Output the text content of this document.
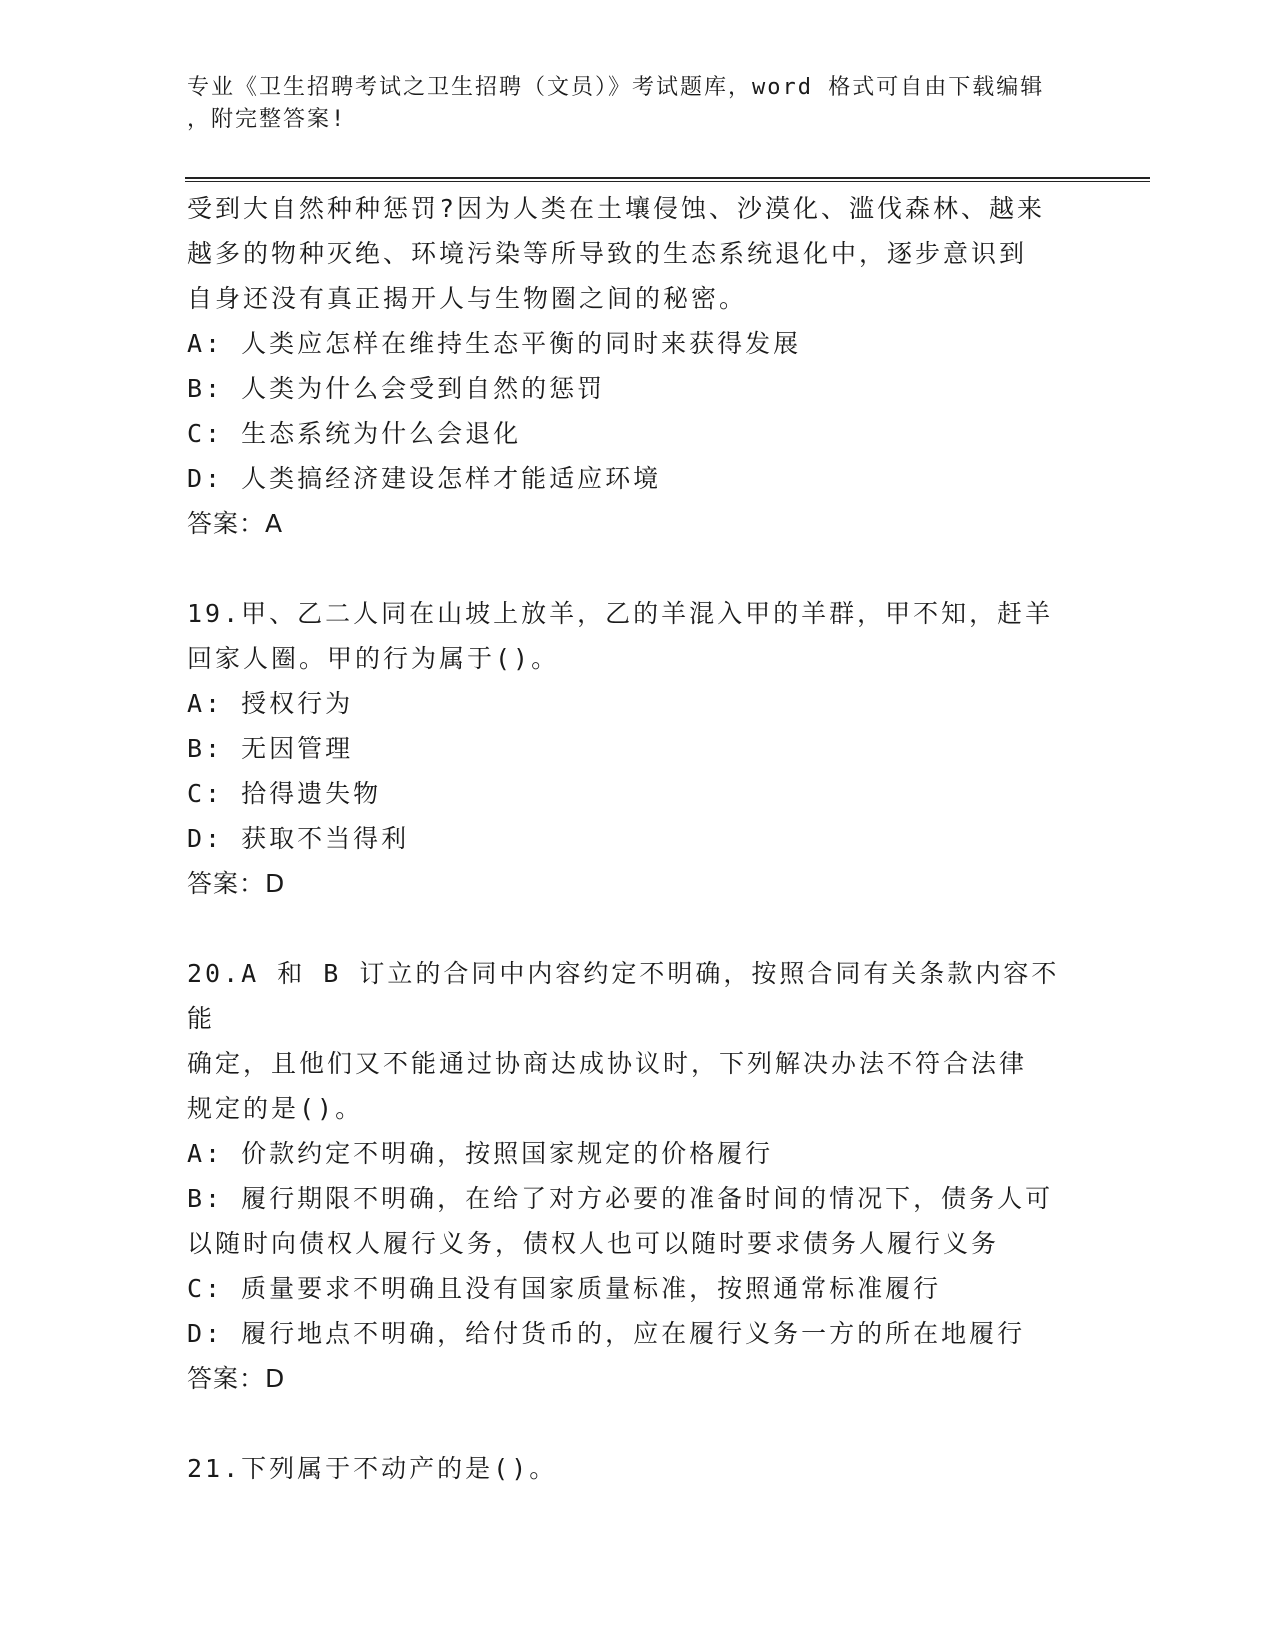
专业《卫生招聘考试之卫生招聘（文员）》考试题库，word 格式可自由下载编辑
，附完整答案!

受到大自然种种惩罚?因为人类在土壤侵蚀、沙漠化、滥伐森林、越来

越多的物种灭绝、环境污染等所导致的生态系统退化中，逐步意识到

自身还没有真正揭开人与生物圈之间的秘密。

A: 人类应怎样在维持生态平衡的同时来获得发展

B: 人类为什么会受到自然的惩罚

C: 生态系统为什么会退化

D: 人类搞经济建设怎样才能适应环境

答案：A

19.甲、乙二人同在山坡上放羊，乙的羊混入甲的羊群，甲不知，赶羊

回家人圈。甲的行为属于()。

A: 授权行为

B: 无因管理

C: 拾得遗失物

D: 获取不当得利

答案：D

20.A 和 B 订立的合同中内容约定不明确，按照合同有关条款内容不能

确定，且他们又不能通过协商达成协议时，下列解决办法不符合法律

规定的是()。

A: 价款约定不明确，按照国家规定的价格履行

B: 履行期限不明确，在给了对方必要的准备时间的情况下，债务人可

以随时向债权人履行义务，债权人也可以随时要求债务人履行义务

C: 质量要求不明确且没有国家质量标准，按照通常标准履行

D: 履行地点不明确，给付货币的，应在履行义务一方的所在地履行

答案：D

21.下列属于不动产的是()。
